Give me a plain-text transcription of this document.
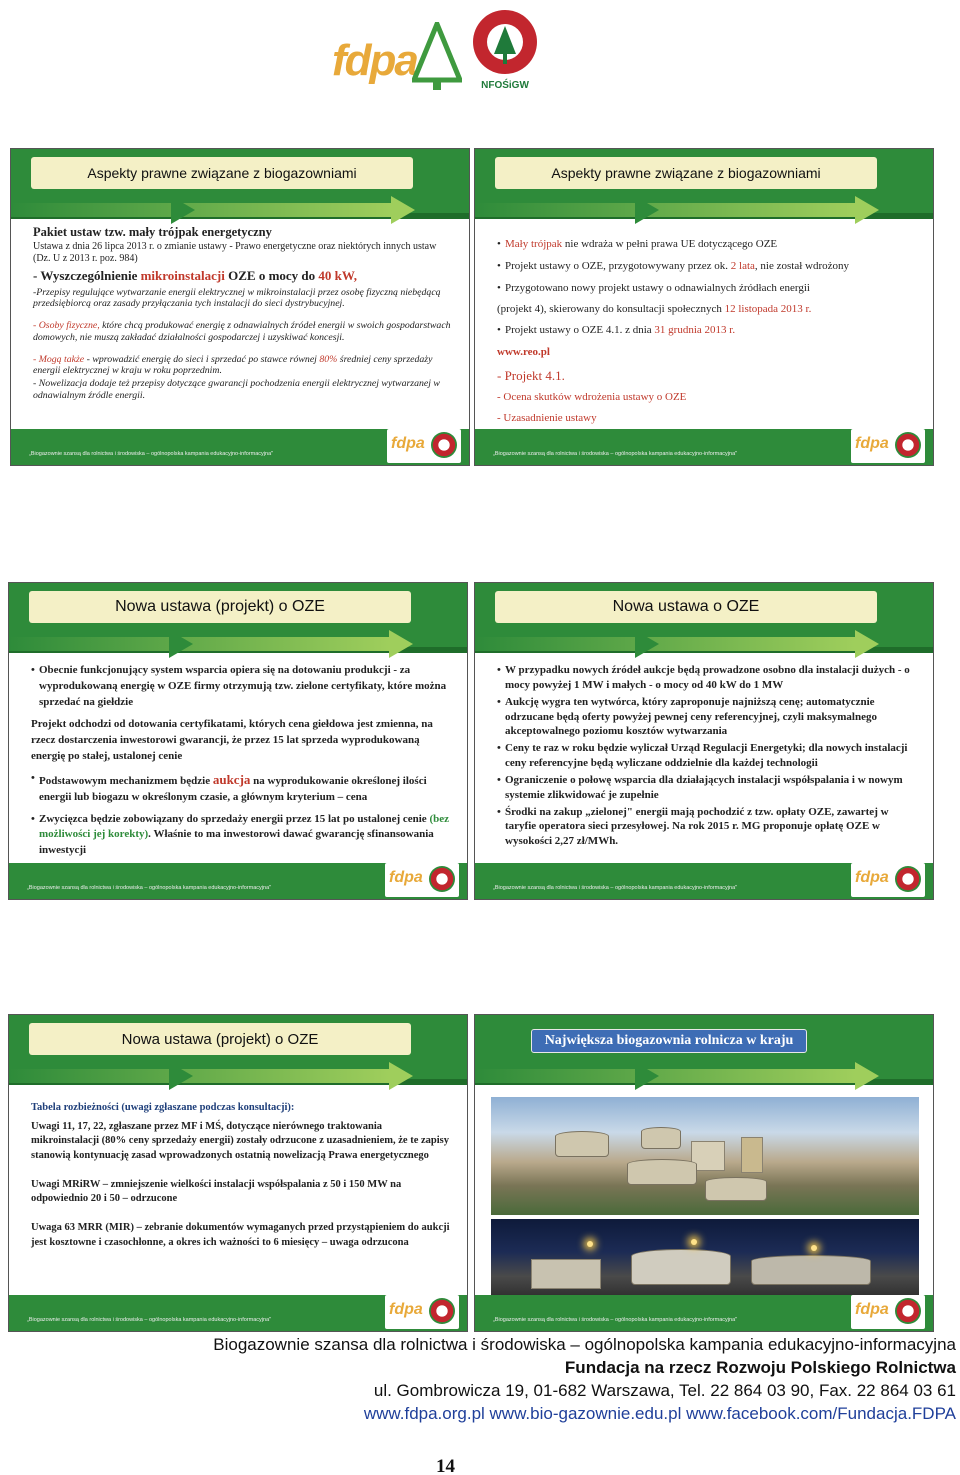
fdpa
NFOŚiGW
Aspekty prawne związane z biogazowniami

Pakiet ustaw tzw. mały trójpak energetyczny

Ustawa z dnia 26 lipca 2013 r. o zmianie ustawy - Prawo energetyczne oraz niektórych innych ustaw (Dz. U z 2013 r. poz. 984)

- Wyszczególnienie mikroinstalacji OZE o mocy do 40 kW,

-Przepisy regulujące wytwarzanie energii elektrycznej w mikroinstalacji przez osobę fizyczną niebędącą przedsiębiorcą oraz zasady przyłączania tych instalacji do sieci dystrybucyjnej.

- Osoby fizyczne, które chcą produkować energię z odnawialnych źródeł energii w swoich gospodarstwach domowych, nie muszą zakładać działalności gospodarczej i uzyskiwać koncesji.

- Mogą także - wprowadzić energię do sieci i sprzedać po stawce równej 80% średniej ceny sprzedaży energii elektrycznej w kraju w roku poprzednim.

- Nowelizacja dodaje też przepisy dotyczące gwarancji pochodzenia energii elektrycznej wytwarzanej w odnawialnym źródle energii.

„Biogazownie szansą dla rolnictwa i środowiska – ogólnopolska kampania edukacyjno-informacyjna"
fdpa
Aspekty prawne związane z biogazowniami
• Mały trójpak nie wdraża w pełni prawa UE dotyczącego OZE
• Projekt ustawy o OZE, przygotowywany przez ok. 2 lata, nie został wdrożony
• Przygotowano nowy projekt ustawy o odnawialnych źródłach energii

(projekt 4), skierowany do konsultacji społecznych 12 listopada 2013 r.

• Projekt ustawy o OZE 4.1. z dnia 31 grudnia 2013 r.

www.reo.pl

- Projekt 4.1.

- Ocena skutków wdrożenia ustawy o OZE

- Uzasadnienie ustawy

„Biogazownie szansą dla rolnictwa i środowiska – ogólnopolska kampania edukacyjno-informacyjna"
fdpa
Nowa ustawa (projekt) o OZE
• Obecnie funkcjonujący system wsparcia opiera się na dotowaniu produkcji - za wyprodukowaną energię w OZE firmy otrzymują tzw. zielone certyfikaty, które można sprzedać na giełdzie

Projekt odchodzi od dotowania certyfikatami, których cena giełdowa jest zmienna, na rzecz dostarczenia inwestorowi gwarancji, że przez 15 lat sprzeda wyprodukowaną energię po stałej, ustalonej cenie

• Podstawowym mechanizmem będzie aukcja na wyprodukowanie określonej ilości energii lub biogazu w określonym czasie, a głównym kryterium – cena
• Zwycięzca będzie zobowiązany do sprzedaży energii przez 15 lat po ustalonej cenie (bez możliwości jej korekty). Właśnie to ma inwestorowi dawać gwarancję sfinansowania inwestycji
„Biogazownie szansą dla rolnictwa i środowiska – ogólnopolska kampania edukacyjno-informacyjna"
fdpa
Nowa ustawa o OZE
• W przypadku nowych źródeł aukcje będą prowadzone osobno dla instalacji dużych - o mocy powyżej 1 MW i małych - o mocy od 40 kW do 1 MW
• Aukcję wygra ten wytwórca, który zaproponuje najniższą cenę; automatycznie odrzucane będą oferty powyżej pewnej ceny referencyjnej, czyli maksymalnego akceptowalnego poziomu kosztów wytwarzania
• Ceny te raz w roku będzie wyliczał Urząd Regulacji Energetyki; dla nowych instalacji ceny referencyjne będą wyliczane oddzielnie dla każdej technologii
• Ograniczenie o połowę wsparcia dla działających instalacji współspalania i w nowym systemie zlikwidować je zupełnie
• Środki na zakup „zielonej" energii mają pochodzić z tzw. opłaty OZE, zawartej w taryfie operatora sieci przesyłowej. Na rok 2015 r. MG proponuje opłatę OZE w wysokości 2,27 zł/MWh.
„Biogazownie szansą dla rolnictwa i środowiska – ogólnopolska kampania edukacyjno-informacyjna"
fdpa
Nowa ustawa (projekt) o OZE

Tabela rozbieżności (uwagi zgłaszane podczas konsultacji):

Uwagi 11, 17, 22, zgłaszane przez MF i MŚ, dotyczące nierównego traktowania mikroinstalacji (80% ceny sprzedaży energii) zostały odrzucone z uzasadnieniem, że te zapisy stanowią kontynuację zasad wprowadzonych ostatnią nowelizacją Prawa energetycznego

Uwagi MRiRW – zmniejszenie wielkości instalacji współspalania z 50 i 150 MW na odpowiednio 20 i 50 – odrzucone

Uwaga 63 MRR (MIR) – zebranie dokumentów wymaganych przed przystąpieniem do aukcji jest kosztowne i czasochłonne, a okres ich ważności to 6 miesięcy – uwaga odrzucona

„Biogazownie szansą dla rolnictwa i środowiska – ogólnopolska kampania edukacyjno-informacyjna"
fdpa
Największa biogazownia rolnicza w kraju
„Biogazownie szansą dla rolnictwa i środowiska – ogólnopolska kampania edukacyjno-informacyjna"
fdpa
Biogazownie szansa dla rolnictwa i środowiska – ogólnopolska kampania edukacyjno-informacyjna
Fundacja na rzecz Rozwoju Polskiego Rolnictwa
ul. Gombrowicza 19, 01-682 Warszawa, Tel. 22 864 03 90, Fax. 22 864 03 61
www.fdpa.org.pl www.bio-gazownie.edu.pl www.facebook.com/Fundacja.FDPA
14
